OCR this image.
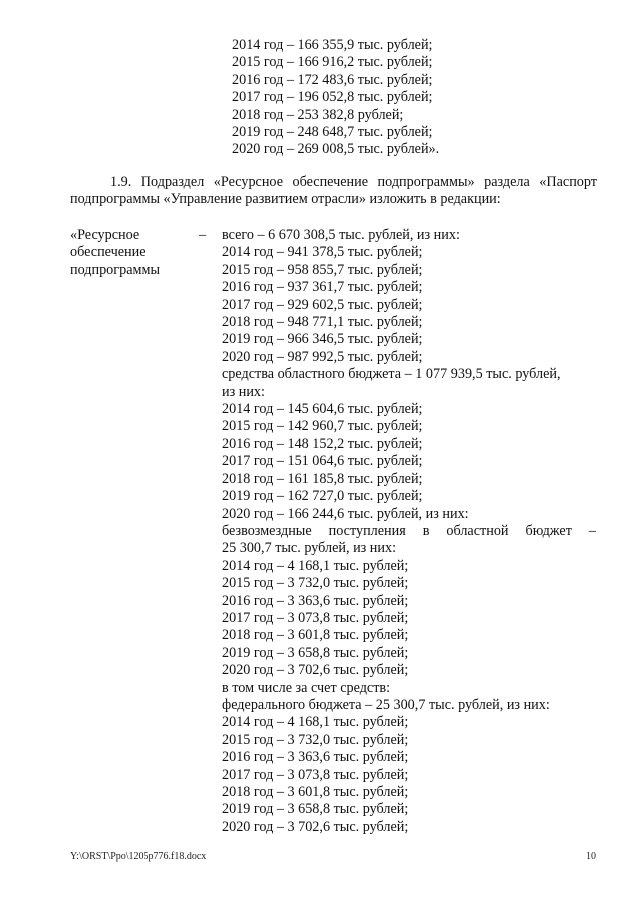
2014 год – 166 355,9 тыс. рублей;
2015 год – 166 916,2 тыс. рублей;
2016 год – 172 483,6 тыс. рублей;
2017 год – 196 052,8 тыс. рублей;
2018 год – 253 382,8 рублей;
2019 год – 248 648,7 тыс. рублей;
2020 год – 269 008,5 тыс. рублей».
1.9. Подраздел «Ресурсное обеспечение подпрограммы» раздела «Паспорт
подпрограммы «Управление развитием отрасли» изложить в редакции:
«Ресурсное
обеспечение
подпрограммы
– всего – 6 670 308,5 тыс. рублей, из них:
2014 год – 941 378,5 тыс. рублей;
2015 год – 958 855,7 тыс. рублей;
2016 год – 937 361,7 тыс. рублей;
2017 год – 929 602,5 тыс. рублей;
2018 год – 948 771,1 тыс. рублей;
2019 год – 966 346,5 тыс. рублей;
2020 год – 987 992,5 тыс. рублей;
средства областного бюджета – 1 077 939,5 тыс. рублей,
из них:
2014 год – 145 604,6 тыс. рублей;
2015 год – 142 960,7 тыс. рублей;
2016 год – 148 152,2 тыс. рублей;
2017 год – 151 064,6 тыс. рублей;
2018 год – 161 185,8 тыс. рублей;
2019 год – 162 727,0 тыс. рублей;
2020 год – 166 244,6 тыс. рублей, из них:
безвозмездные поступления в областной бюджет –
25 300,7 тыс. рублей, из них:
2014 год – 4 168,1 тыс. рублей;
2015 год – 3 732,0 тыс. рублей;
2016 год – 3 363,6 тыс. рублей;
2017 год – 3 073,8 тыс. рублей;
2018 год – 3 601,8 тыс. рублей;
2019 год – 3 658,8 тыс. рублей;
2020 год – 3 702,6 тыс. рублей;
в том числе за счет средств:
федерального бюджета – 25 300,7 тыс. рублей, из них:
2014 год – 4 168,1 тыс. рублей;
2015 год – 3 732,0 тыс. рублей;
2016 год – 3 363,6 тыс. рублей;
2017 год – 3 073,8 тыс. рублей;
2018 год – 3 601,8 тыс. рублей;
2019 год – 3 658,8 тыс. рублей;
2020 год – 3 702,6 тыс. рублей;
Y:\ORST\Ppo\1205p776.f18.docx	10
